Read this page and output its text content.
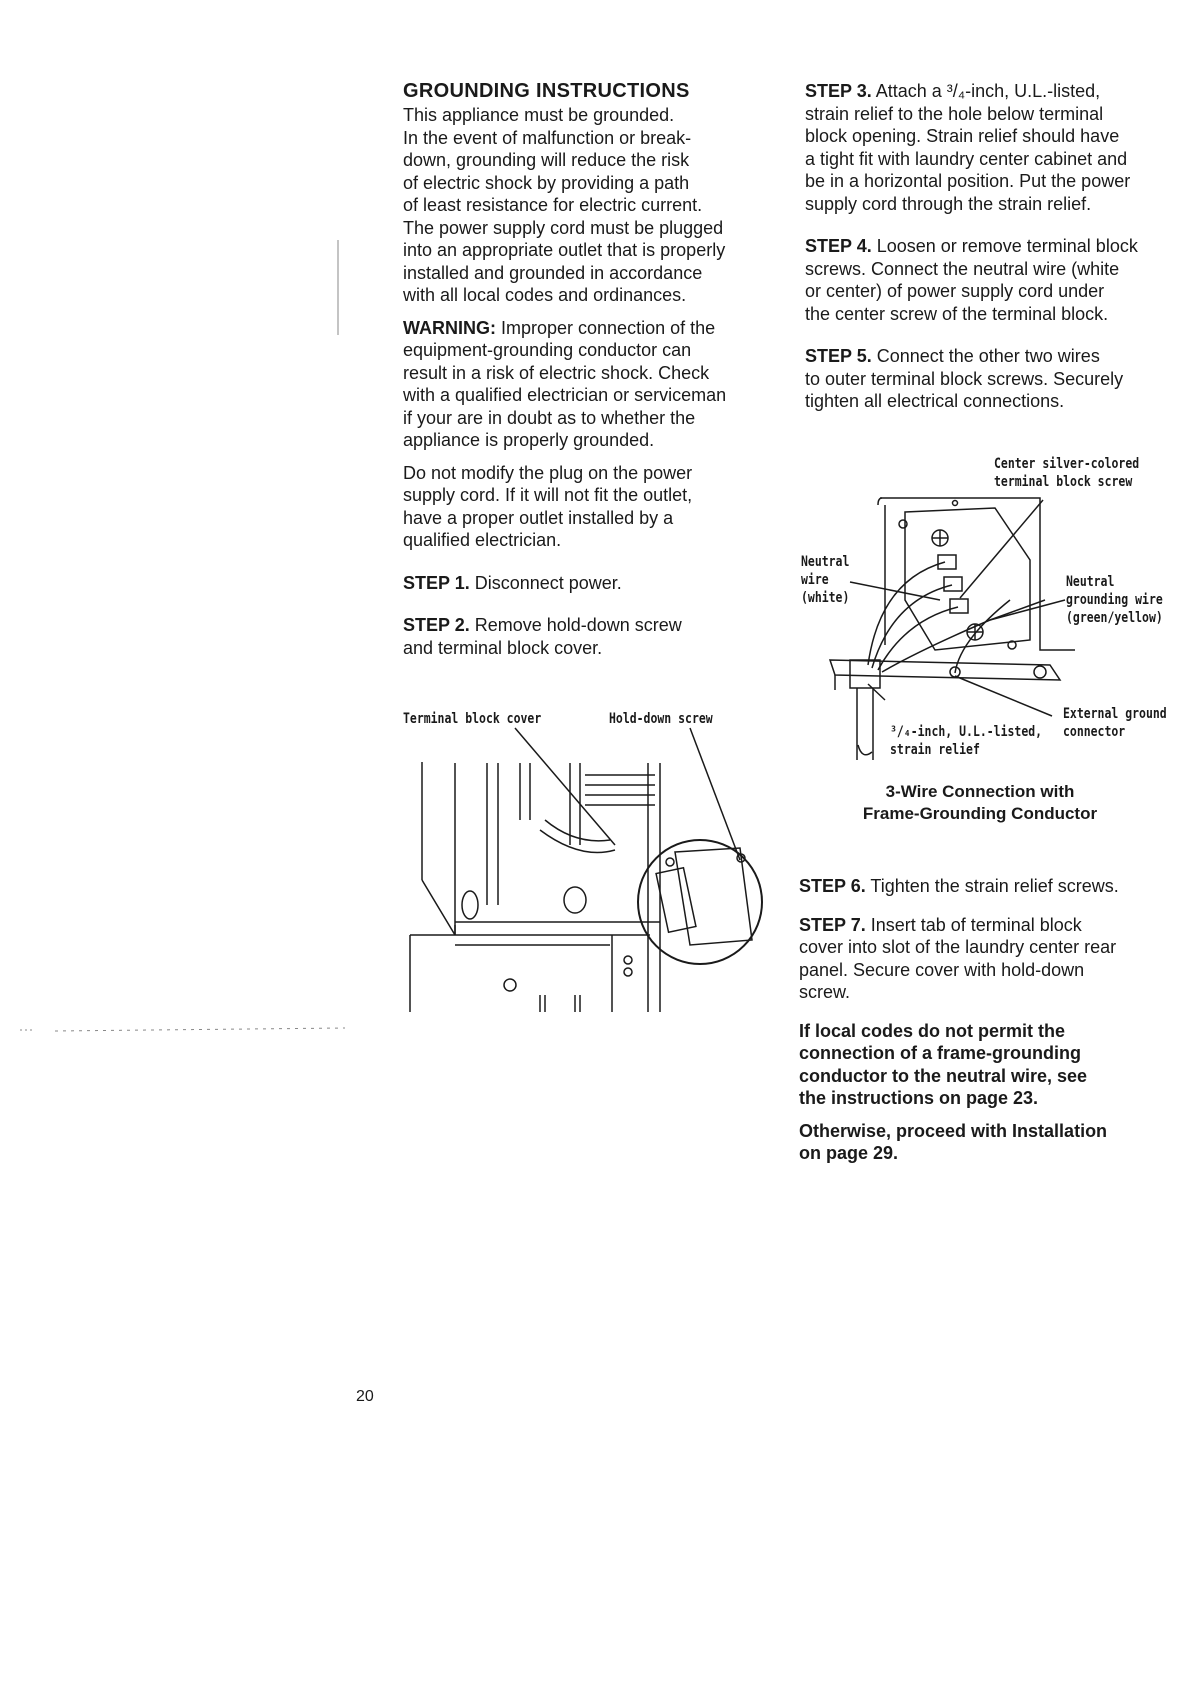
GROUNDING INSTRUCTIONS

This appliance must be grounded.

In the event of malfunction or break-

down, grounding will reduce the risk

of electric shock by providing a path

of least resistance for electric current.

The power supply cord must be plugged

into an appropriate outlet that is properly

installed and grounded in accordance

with all local codes and ordinances.

WARNING: Improper connection of the

equipment-grounding conductor can

result in a risk of electric shock. Check

with a qualified electrician or serviceman

if your are in doubt as to whether the

appliance is properly grounded.

Do not modify the plug on the power

supply cord. If it will not fit the outlet,

have a proper outlet installed by a

qualified electrician.

STEP 1. Disconnect power.

STEP 2. Remove hold-down screw

and terminal block cover.

Terminal block cover	Hold-down screw

STEP 3. Attach a ³/₄-inch, U.L.-listed,

strain relief to the hole below terminal

block opening. Strain relief should have

a tight fit with laundry center cabinet and

be in a horizontal position. Put the power

supply cord through the strain relief.

STEP 4. Loosen or remove terminal block

screws. Connect the neutral wire (white

or center) of power supply cord under

the center screw of the terminal block.

STEP 5. Connect the other two wires

to outer terminal block screws. Securely

tighten all electrical connections.

Center silver-colored
terminal block screw
Neutral
wire
(white)
Neutral
grounding wire
(green/yellow)
External ground
connector
³/₄-inch, U.L.-listed,
strain relief
3-Wire Connection with
Frame-Grounding Conductor

STEP 6. Tighten the strain relief screws.

STEP 7. Insert tab of terminal block

cover into slot of the laundry center rear

panel. Secure cover with hold-down

screw.

If local codes do not permit the

connection of a frame-grounding

conductor to the neutral wire, see

the instructions on page 23.

Otherwise, proceed with Installation

on page 29.

20
